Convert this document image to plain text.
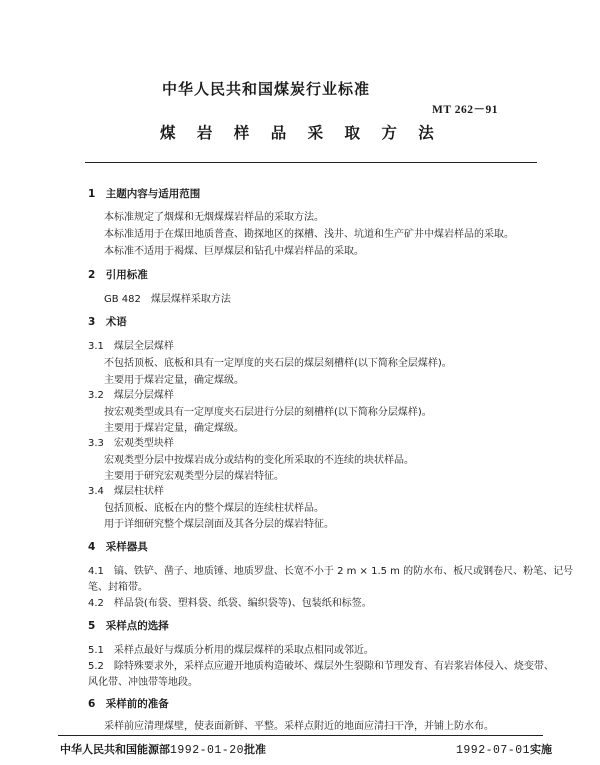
中华人民共和国煤炭行业标准
MT 262－91
煤 岩 样 品 采 取 方 法
1　主题内容与适用范围
本标准规定了烟煤和无烟煤煤岩样品的采取方法。
本标准适用于在煤田地质普查、勘探地区的探槽、浅井、坑道和生产矿井中煤岩样品的采取。
本标准不适用于褐煤、巨厚煤层和钻孔中煤岩样品的采取。
2　引用标准
GB 482　煤层煤样采取方法
3　术语
3.1　煤层全层煤样
不包括顶板、底板和具有一定厚度的夹石层的煤层刻槽样(以下简称全层煤样)。
主要用于煤岩定量，确定煤级。
3.2　煤层分层煤样
按宏观类型或具有一定厚度夹石层进行分层的刻槽样(以下简称分层煤样)。
主要用于煤岩定量，确定煤级。
3.3　宏观类型块样
宏观类型分层中按煤岩成分或结构的变化所采取的不连续的块状样品。
主要用于研究宏观类型分层的煤岩特征。
3.4　煤层柱状样
包括顶板、底板在内的整个煤层的连续柱状样品。
用于详细研究整个煤层剖面及其各分层的煤岩特征。
4　采样器具
4.1　镐、铁铲、凿子、地质锤、地质罗盘、长宽不小于 2 m × 1.5 m 的防水布、板尺或钢卷尺、粉笔、记号
笔、封箱带。
4.2　样品袋(布袋、塑料袋、纸袋、编织袋等)、包装纸和标签。
5　采样点的选择
5.1　采样点最好与煤质分析用的煤层煤样的采取点相同或邻近。
5.2　除特殊要求外，采样点应避开地质构造破坏、煤层外生裂隙和节理发育、有岩浆岩体侵入、烧变带、
风化带、冲蚀带等地段。
6　采样前的准备
采样前应清理煤壁，使表面新鲜、平整。采样点附近的地面应清扫干净，并铺上防水布。
中华人民共和国能源部1992-01-20批准	1992-07-01实施
